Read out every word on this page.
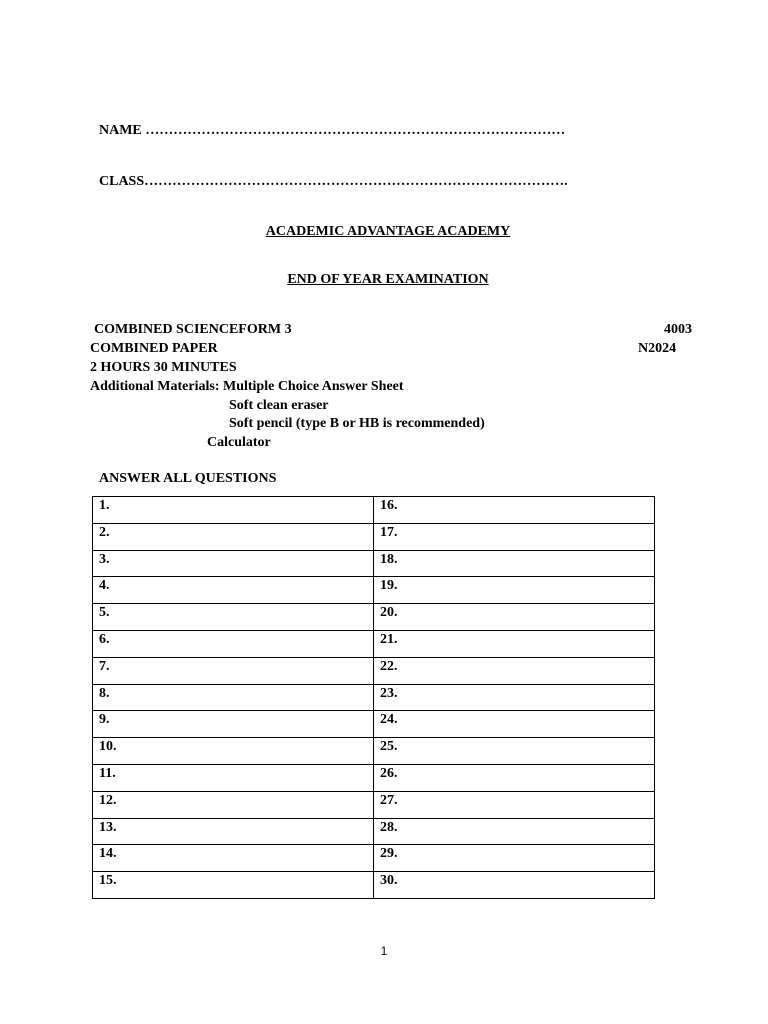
NAME ………………………………………………………………………………
CLASS……………………………………………………………………………….
ACADEMIC ADVANTAGE ACADEMY
END OF YEAR EXAMINATION
COMBINED SCIENCEFORM 3	4003
COMBINED PAPER	N2024
2 HOURS 30 MINUTES
Additional Materials: Multiple Choice Answer Sheet
Soft clean eraser
Soft pencil (type B or HB is recommended)
Calculator
ANSWER ALL QUESTIONS
1.	16.
2.	17.
3.	18.
4.	19.
5.	20.
6.	21.
7.	22.
8.	23.
9.	24.
10.	25.
11.	26.
12.	27.
13.	28.
14.	29.
15.	30.
1
